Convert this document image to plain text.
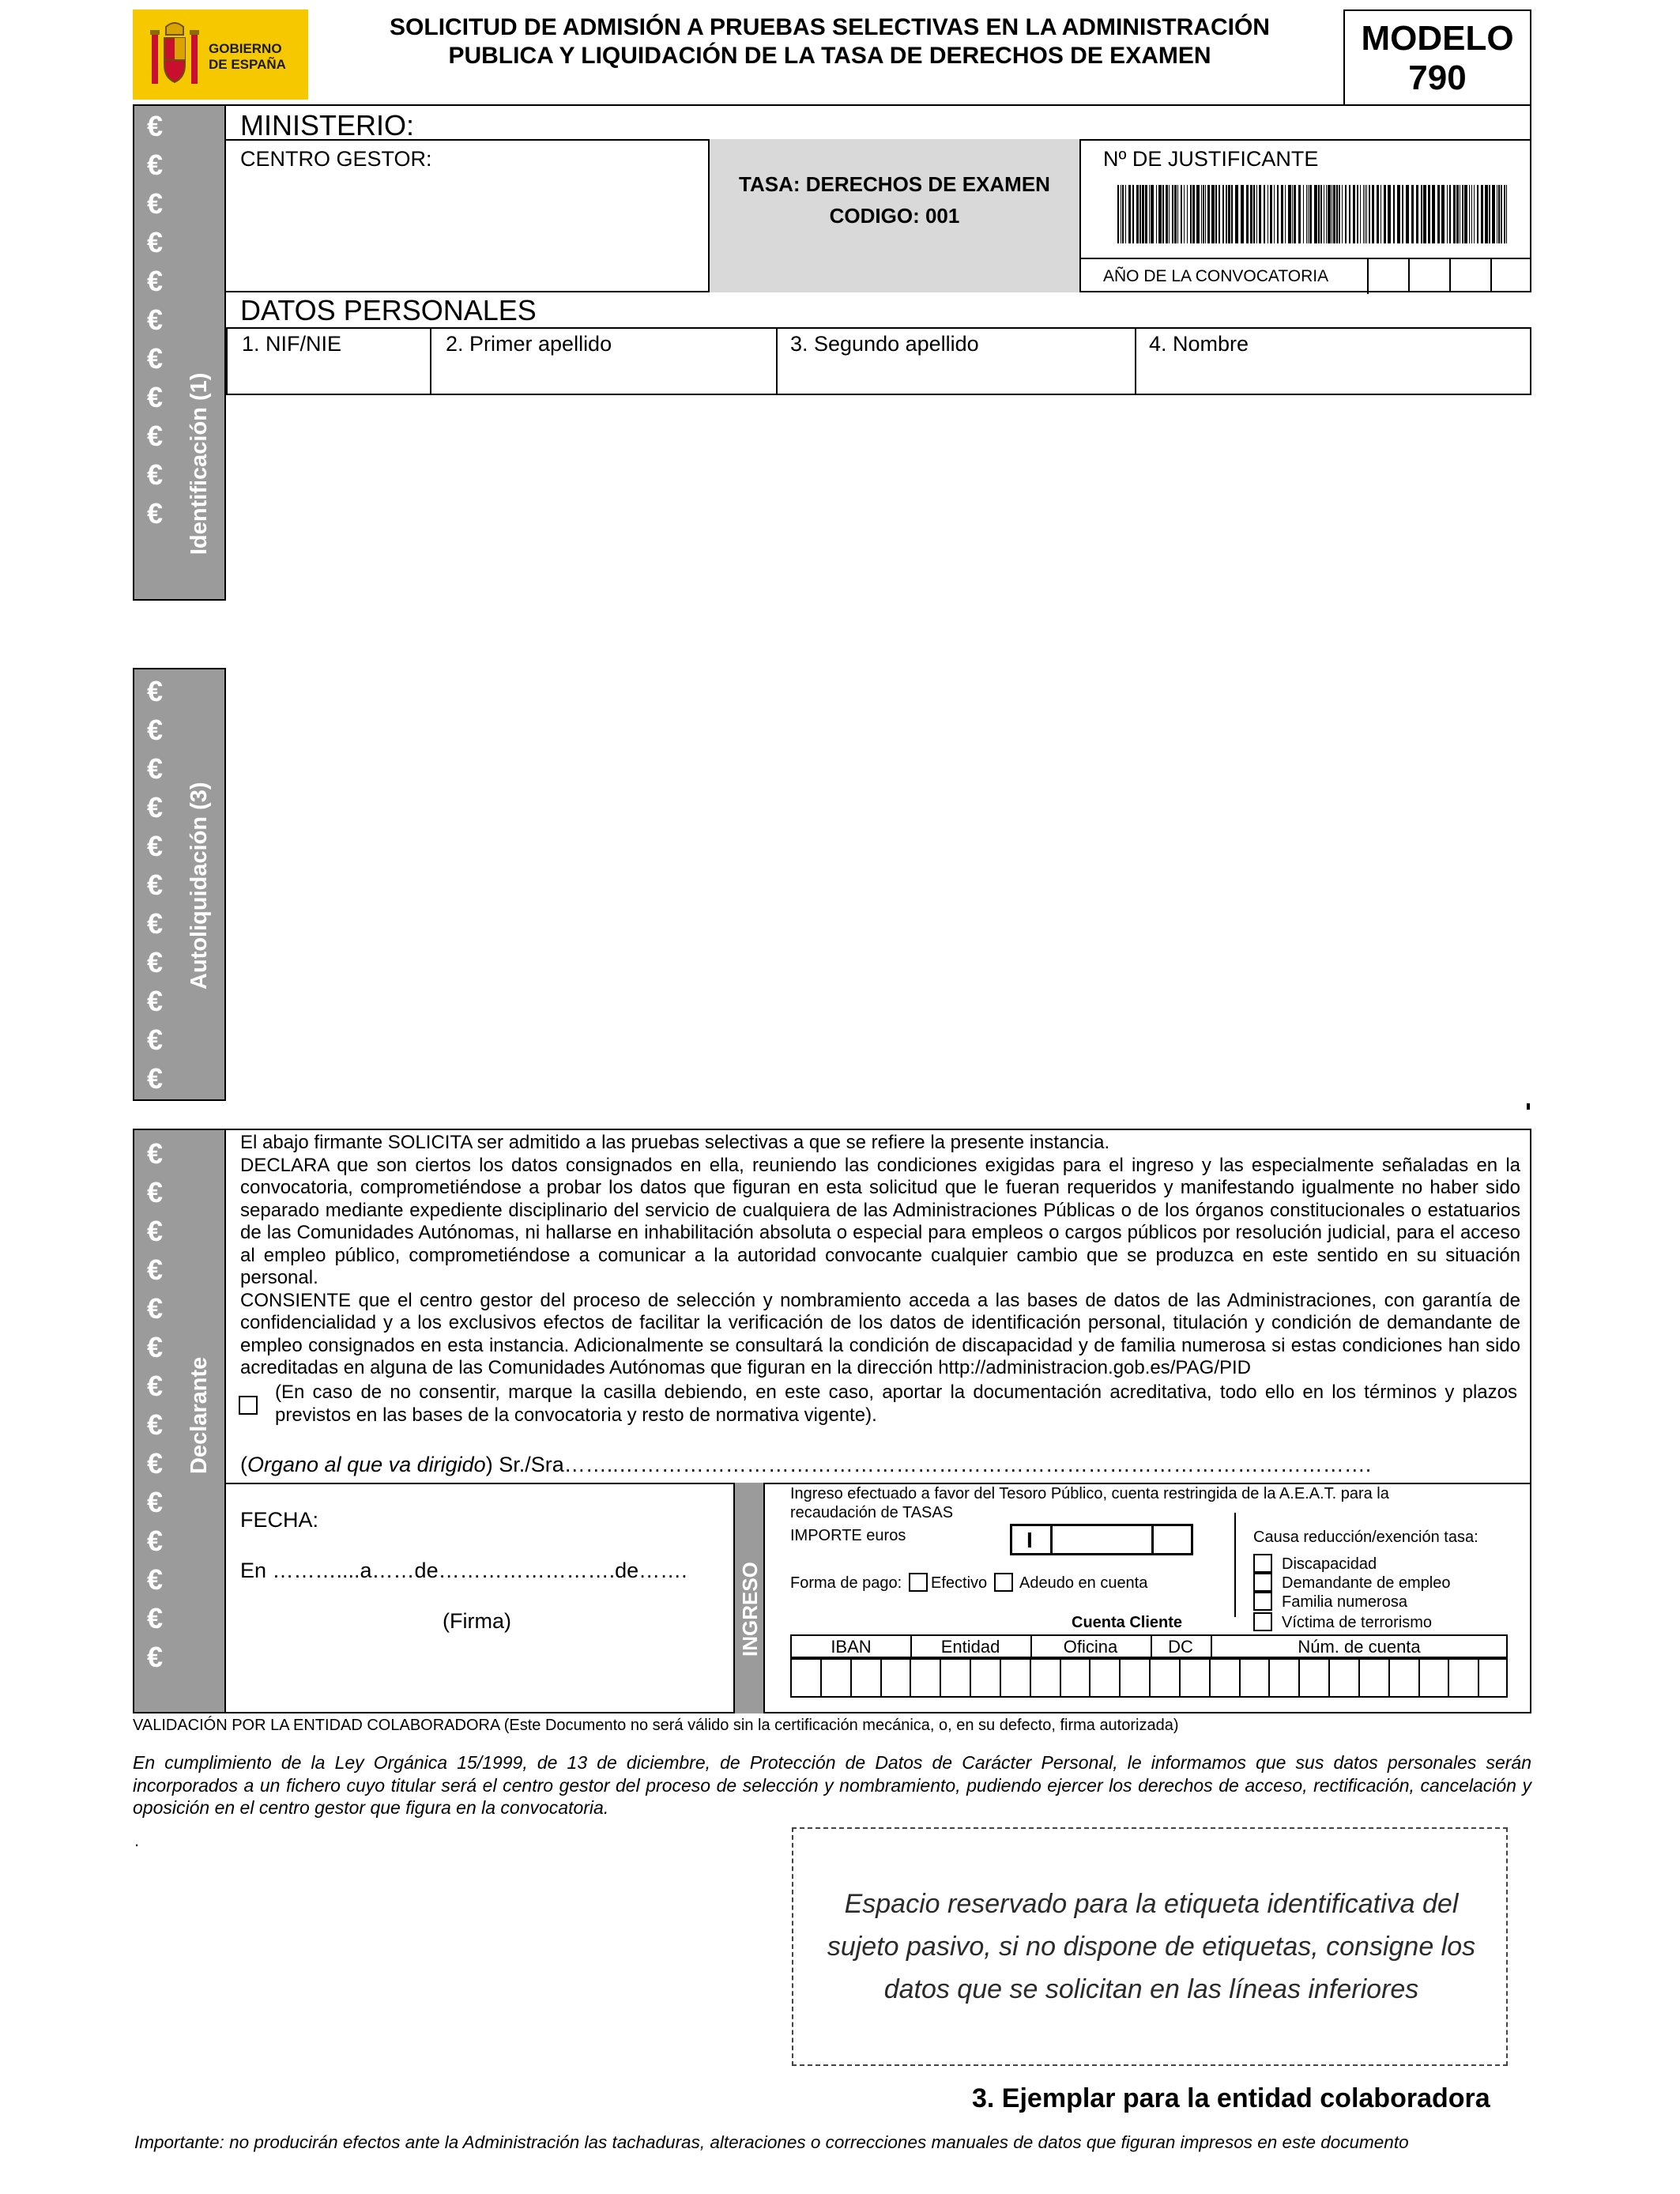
GOBIERNO
DE ESPAÑA
SOLICITUD DE ADMISIÓN A PRUEBAS SELECTIVAS EN LA ADMINISTRACIÓN
PUBLICA Y LIQUIDACIÓN DE LA TASA DE DERECHOS DE EXAMEN	MODELO
790
€
€
€
€
€
€
€
€
€
€
€ Identificación (1)
€
€
€
€
€
€
€
€
€
€
€
Autoliquidación (3)
€
€
€
€
€
€
€
€
€
€
€
€
€
€
Declarante
MINISTERIO:
CENTRO GESTOR:
TASA: DERECHOS DE EXAMEN
CODIGO: 001
Nº DE JUSTIFICANTE
AÑO DE LA CONVOCATORIA
DATOS PERSONALES
1. NIF/NIE	2. Primer apellido	3. Segundo apellido	4. Nombre
El abajo firmante SOLICITA ser admitido a las pruebas selectivas a que se refiere la presente instancia.
DECLARA que son ciertos los datos consignados en ella, reuniendo las condiciones exigidas para el ingreso y las especialmente señaladas en la convocatoria, comprometiéndose a probar los datos que figuran en esta solicitud que le fueran requeridos y manifestando igualmente no haber sido separado mediante expediente disciplinario del servicio de cualquiera de las Administraciones Públicas o de los órganos constitucionales o estatuarios de las Comunidades Autónomas, ni hallarse en inhabilitación absoluta o especial para empleos o cargos públicos por resolución judicial, para el acceso al empleo público, comprometiéndose a comunicar a la autoridad convocante cualquier cambio que se produzca en este sentido en su situación personal.
CONSIENTE que el centro gestor del proceso de selección y nombramiento acceda a las bases de datos de las Administraciones, con garantía de confidencialidad y a los exclusivos efectos de facilitar la verificación de los datos de identificación personal, titulación y condición de demandante de empleo consignados en esta instancia. Adicionalmente se consultará la condición de discapacidad y de familia numerosa si estas condiciones han sido acreditadas en alguna de las Comunidades Autónomas que figuran en la dirección http://administracion.gob.es/PAG/PID
(En caso de no consentir, marque la casilla debiendo, en este caso, aportar la documentación acreditativa, todo ello en los términos y plazos previstos en las bases de la convocatoria y resto de normativa vigente).
(Organo al que va dirigido) Sr./Sra……..…………………………………………………………………………………………….
FECHA:
En ………....a……de…………………….de…….
(Firma)	INGRESO
Ingreso efectuado a favor del Tesoro Público, cuenta restringida de la A.E.A.T. para la recaudación de TASAS
IMPORTE euros	I
Forma de pago: Efectivo Adeudo en cuenta
Cuenta Cliente
Causa reducción/exención tasa:
Discapacidad
Demandante de empleo
Familia numerosa
Víctima de terrorismo
IBAN	Entidad	Oficina	DC	Núm. de cuenta
VALIDACIÓN POR LA ENTIDAD COLABORADORA (Este Documento no será válido sin la certificación mecánica, o, en su defecto, firma autorizada)
En cumplimiento de la Ley Orgánica 15/1999, de 13 de diciembre, de Protección de Datos de Carácter Personal, le informamos que sus datos personales serán incorporados a un fichero cuyo titular será el centro gestor del proceso de selección y nombramiento, pudiendo ejercer los derechos de acceso, rectificación, cancelación y oposición en el centro gestor que figura en la convocatoria.
.
Espacio reservado para la etiqueta identificativa del sujeto pasivo, si no dispone de etiquetas, consigne los datos que se solicitan en las líneas inferiores
3. Ejemplar para la entidad colaboradora
Importante: no producirán efectos ante la Administración las tachaduras, alteraciones o correcciones manuales de datos que figuran impresos en este documento
